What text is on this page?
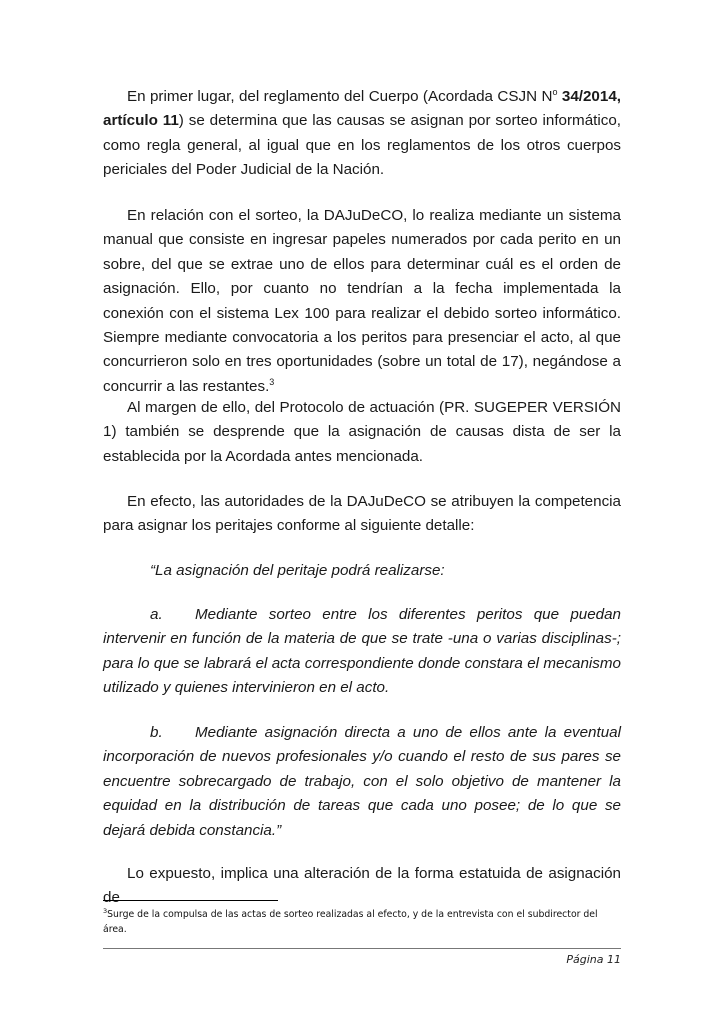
En primer lugar, del reglamento del Cuerpo (Acordada CSJN $N^o$ 34/2014, artículo 11) se determina que las causas se asignan por sorteo informático, como regla general, al igual que en los reglamentos de los otros cuerpos periciales del Poder Judicial de la Nación.

En relación con el sorteo, la DAJuDeCO, lo realiza mediante un sistema manual que consiste en ingresar papeles numerados por cada perito en un sobre, del que se extrae uno de ellos para determinar cuál es el orden de asignación. Ello, por cuanto no tendrían a la fecha implementada la conexión con el sistema Lex 100 para realizar el debido sorteo informático. Siempre mediante convocatoria a los peritos para presenciar el acto, al que concurrieron solo en tres oportunidades (sobre un total de 17), negándose a concurrir a las restantes.$^3$

Al margen de ello, del Protocolo de actuación (PR. SUGEPER VERSIÓN 1) también se desprende que la asignación de causas dista de ser la establecida por la Acordada antes mencionada.

En efecto, las autoridades de la DAJuDeCO se atribuyen la competencia para asignar los peritajes conforme al siguiente detalle:

“La asignación del peritaje podrá realizarse:

a. Mediante sorteo entre los diferentes peritos que puedan intervenir en función de la materia de que se trate -una o varias disciplinas-; para lo que se labrará el acta correspondiente donde constara el mecanismo utilizado y quienes intervinieron en el acto.

b. Mediante asignación directa a uno de ellos ante la eventual incorporación de nuevos profesionales y/o cuando el resto de sus pares se encuentre sobrecargado de trabajo, con el solo objetivo de mantener la equidad en la distribución de tareas que cada uno posee; de lo que se dejará debida constancia.”

Lo expuesto, implica una alteración de la forma estatuida de asignación de

$^3$Surge de la compulsa de las actas de sorteo realizadas al efecto, y de la entrevista con el subdirector del área.
Página 11
